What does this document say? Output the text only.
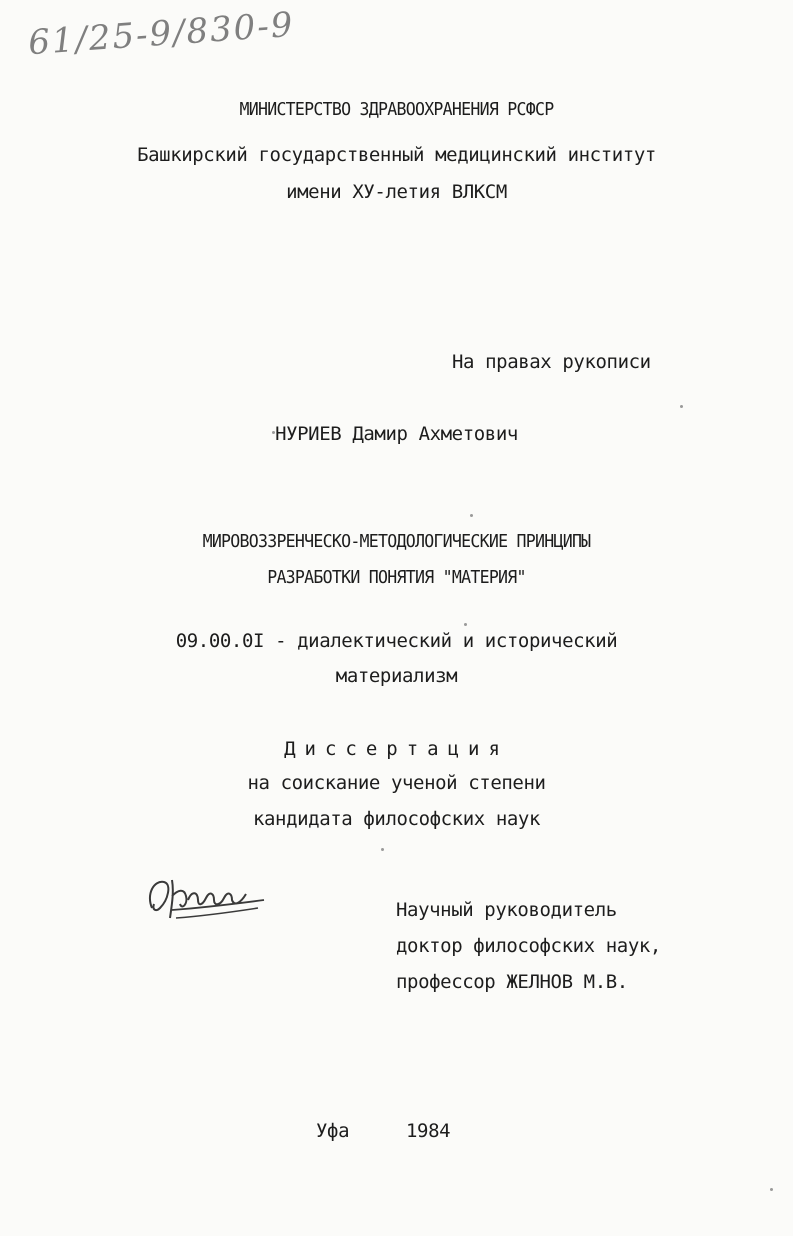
61/25-9/830-9

МИНИСТЕРСТВО ЗДРАВООХРАНЕНИЯ РСФСР

Башкирский государственный медицинский институт

имени ХУ-летия ВЛКСМ

На правах рукописи

НУРИЕВ Дамир Ахметович

МИРОВОЗЗРЕНЧЕСКО-МЕТОДОЛОГИЧЕСКИЕ ПРИНЦИПЫ

РАЗРАБОТКИ ПОНЯТИЯ "МАТЕРИЯ"

09.00.0I - диалектический и исторический

материализм

Диссертация

на соискание ученой степени

кандидата философских наук

Научный руководитель

доктор философских наук,

профессор ЖЕЛНОВ М.В.

Уфа	1984
